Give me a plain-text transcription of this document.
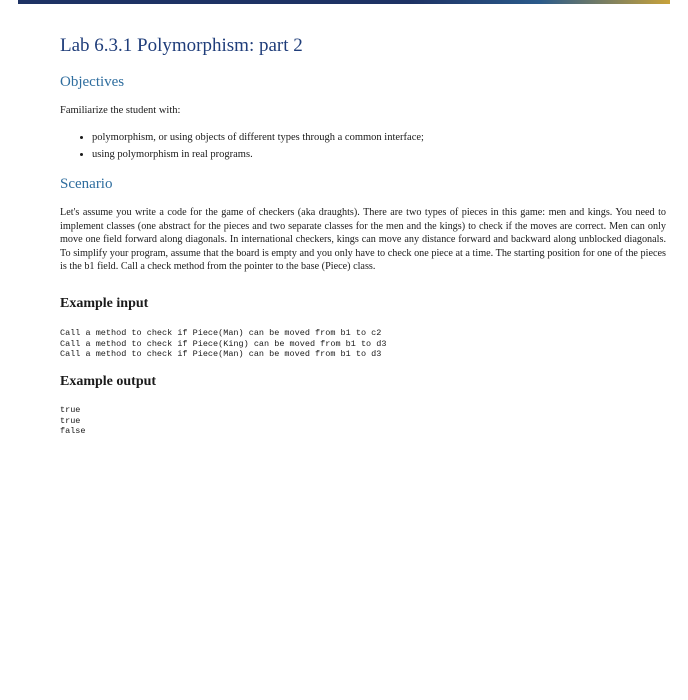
Lab 6.3.1 Polymorphism: part 2
Objectives
Familiarize the student with:
• polymorphism, or using objects of different types through a common interface;
• using polymorphism in real programs.
Scenario
Let's assume you write a code for the game of checkers (aka draughts). There are two types of pieces in this game: men and kings. You need to implement classes (one abstract for the pieces and two separate classes for the men and the kings) to check if the moves are correct. Men can only move one field forward along diagonals. In international checkers, kings can move any distance forward and backward along unblocked diagonals. To simplify your program, assume that the board is empty and you only have to check one piece at a time. The starting position for one of the pieces is the b1 field. Call a check method from the pointer to the base (Piece) class.
Example input
Call a method to check if Piece(Man) can be moved from b1 to c2
Call a method to check if Piece(King) can be moved from b1 to d3
Call a method to check if Piece(Man) can be moved from b1 to d3
Example output
true
true
false
